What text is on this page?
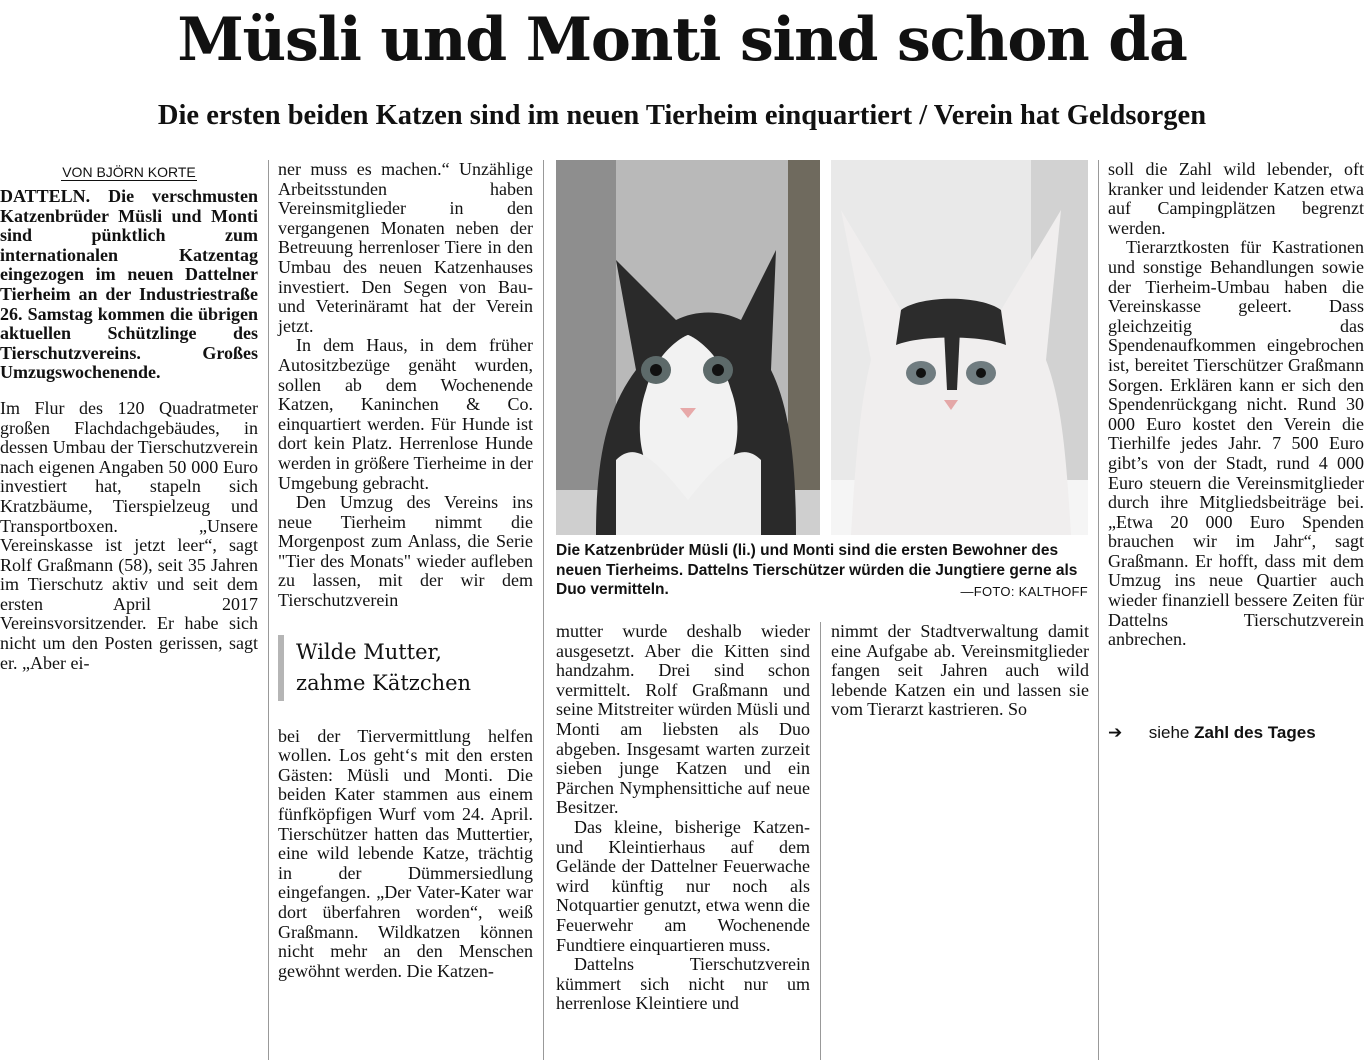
Müsli und Monti sind schon da
Die ersten beiden Katzen sind im neuen Tierheim einquartiert / Verein hat Geldsorgen
VON BJÖRN KORTE

DATTELN. Die verschmusten Katzenbrüder Müsli und Monti sind pünktlich zum internationalen Katzentag eingezogen im neuen Dattelner Tierheim an der Industriestraße 26. Samstag kommen die übrigen aktuellen Schützlinge des Tierschutzvereins. Großes Umzugswochenende.

Im Flur des 120 Quadratmeter großen Flachdachgebäudes, in dessen Umbau der Tierschutzverein nach eigenen Angaben 50 000 Euro investiert hat, stapeln sich Kratzbäume, Tierspielzeug und Transportboxen. „Unsere Vereinskasse ist jetzt leer“, sagt Rolf Graßmann (58), seit 35 Jahren im Tierschutz aktiv und seit dem ersten April 2017 Vereinsvorsitzender. Er habe sich nicht um den Posten gerissen, sagt er. „Aber ei-

ner muss es machen.“ Unzählige Arbeitsstunden haben Vereinsmitglieder in den vergangenen Monaten neben der Betreuung herrenloser Tiere in den Umbau des neuen Katzenhauses investiert. Den Segen von Bau- und Veterinäramt hat der Verein jetzt.

In dem Haus, in dem früher Autositzbezüge genäht wurden, sollen ab dem Wochenende Katzen, Kaninchen & Co. einquartiert werden. Für Hunde ist dort kein Platz. Herrenlose Hunde werden in größere Tierheime in der Umgebung gebracht.

Den Umzug des Vereins ins neue Tierheim nimmt die Morgenpost zum Anlass, die Serie "Tier des Monats" wieder aufleben zu lassen, mit der wir dem Tierschutzverein

Wilde Mutter,
zahme Kätzchen

bei der Tiervermittlung helfen wollen. Los geht‘s mit den ersten Gästen: Müsli und Monti. Die beiden Kater stammen aus einem fünfköpfigen Wurf vom 24. April. Tierschützer hatten das Muttertier, eine wild lebende Katze, trächtig in der Dümmersiedlung eingefangen. „Der Vater-Kater war dort überfahren worden“, weiß Graßmann. Wildkatzen können nicht mehr an den Menschen gewöhnt werden. Die Katzen-

Die Katzenbrüder Müsli (li.) und Monti sind die ersten Bewohner des neuen Tierheims. Dattelns Tierschützer würden die Jungtiere gerne als Duo vermitteln.	—FOTO: KALTHOFF

mutter wurde deshalb wieder ausgesetzt. Aber die Kitten sind handzahm. Drei sind schon vermittelt. Rolf Graßmann und seine Mitstreiter würden Müsli und Monti am liebsten als Duo abgeben. Insgesamt warten zurzeit sieben junge Katzen und ein Pärchen Nymphensittiche auf neue Besitzer.

Das kleine, bisherige Katzen- und Kleintierhaus auf dem Gelände der Dattelner Feuerwache wird künftig nur noch als Notquartier genutzt, etwa wenn die Feuerwehr am Wochenende Fundtiere einquartieren muss.

Dattelns Tierschutzverein kümmert sich nicht nur um herrenlose Kleintiere und

nimmt der Stadtverwaltung damit eine Aufgabe ab. Vereinsmitglieder fangen seit Jahren auch wild lebende Katzen ein und lassen sie vom Tierarzt kastrieren. So

soll die Zahl wild lebender, oft kranker und leidender Katzen etwa auf Campingplätzen begrenzt werden.

Tierarztkosten für Kastrationen und sonstige Behandlungen sowie der Tierheim-Umbau haben die Vereinskasse geleert. Dass gleichzeitig das Spendenaufkommen eingebrochen ist, bereitet Tierschützer Graßmann Sorgen. Erklären kann er sich den Spendenrückgang nicht. Rund 30 000 Euro kostet den Verein die Tierhilfe jedes Jahr. 7 500 Euro gibt’s von der Stadt, rund 4 000 Euro steuern die Vereinsmitglieder durch ihre Mitgliedsbeiträge bei. „Etwa 20 000 Euro Spenden brauchen wir im Jahr“, sagt Graßmann. Er hofft, dass mit dem Umzug ins neue Quartier auch wieder finanziell bessere Zeiten für Dattelns Tierschutzverein anbrechen.

➔ siehe Zahl des Tages
